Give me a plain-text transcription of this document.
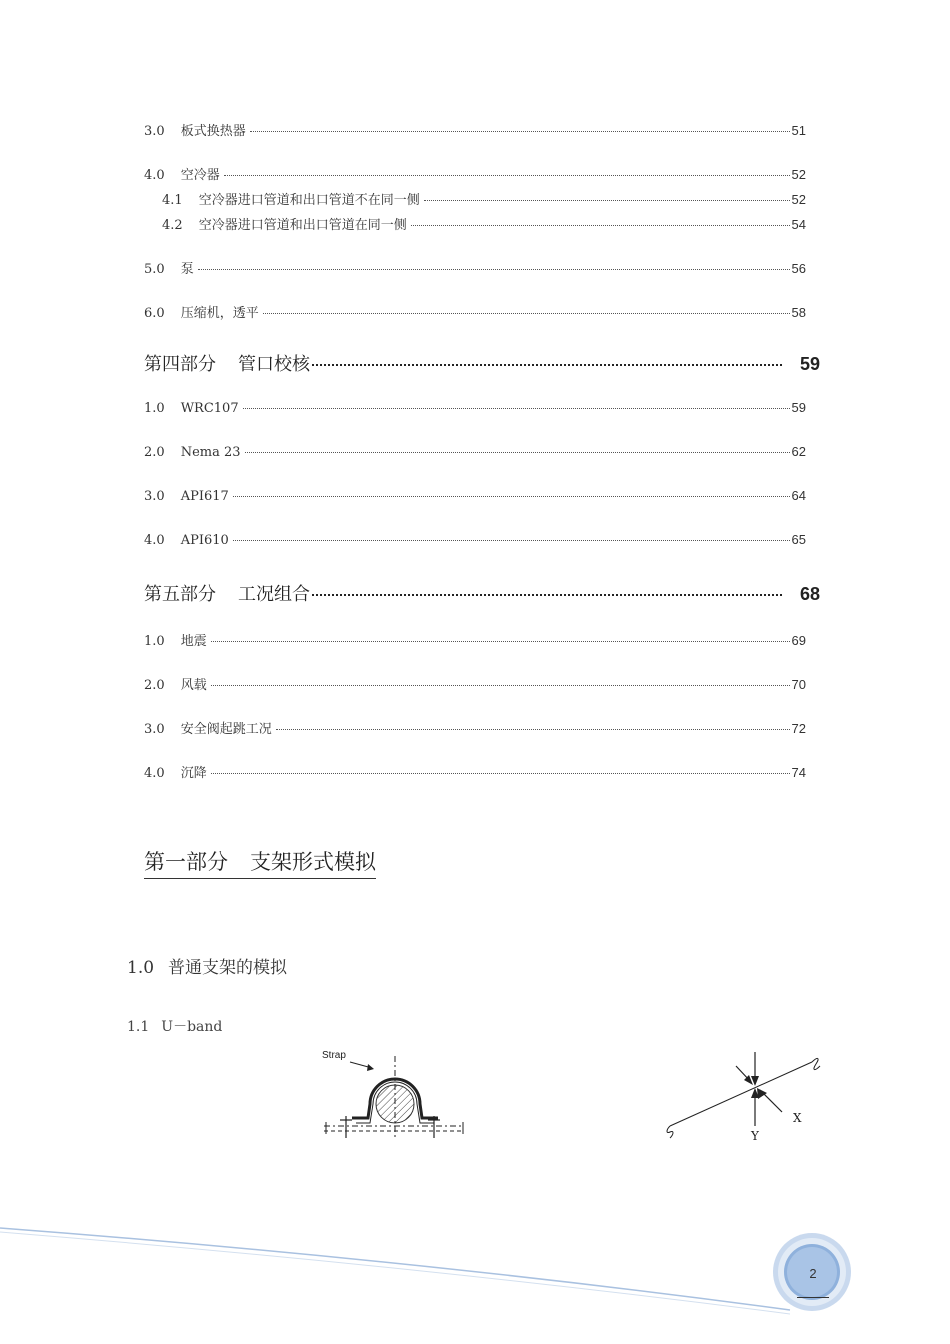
3.0 板式换热器	51
4.0 空冷器	52
4.1 空冷器进口管道和出口管道不在同一侧	52
4.2 空冷器进口管道和出口管道在同一侧	54
5.0 泵	56
6.0 压缩机，透平	58
第四部分 管口校核	59
1.0 WRC107	59
2.0 Nema 23	62
3.0 API617	64
4.0 API610	65
第五部分 工况组合	68
1.0 地震	69
2.0 风载	70
3.0 安全阀起跳工况	72
4.0 沉降	74
第一部分 支架形式模拟
1.0 普通支架的模拟
1.1 U－band
Strap
X
Y
2
